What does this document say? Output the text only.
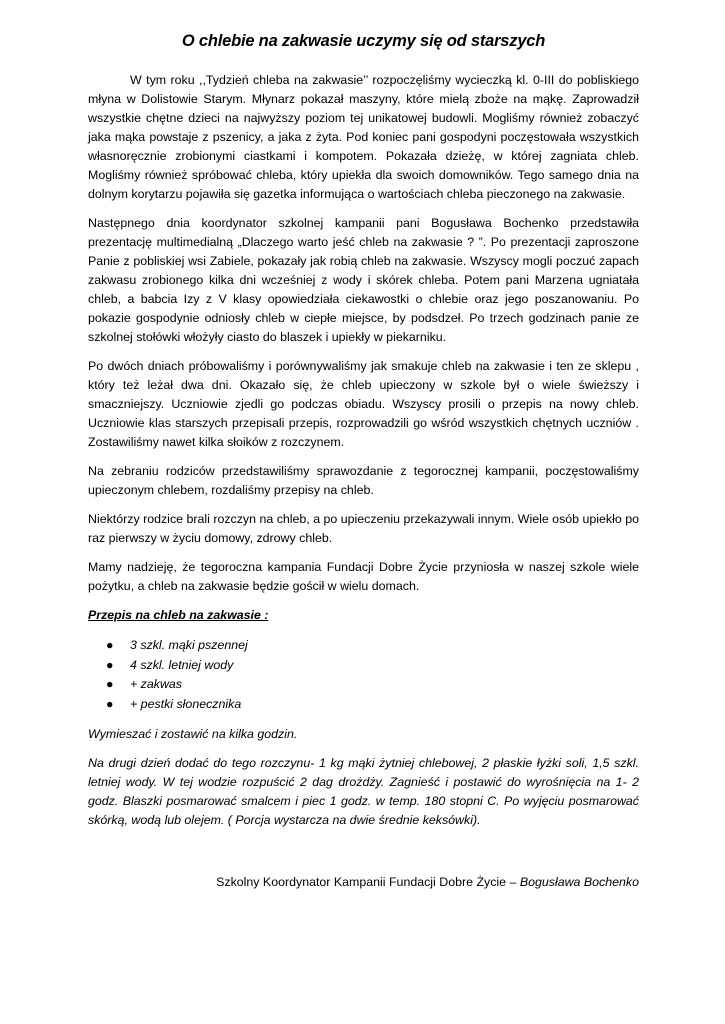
O chlebie na zakwasie uczymy się od starszych

W tym roku ,,Tydzień chleba na zakwasie’’ rozpoczęliśmy wycieczką kl. 0-III do pobliskiego młyna w Dolistowie Starym. Młynarz pokazał maszyny, które mielą zboże na mąkę. Zaprowadził wszystkie chętne dzieci na najwyższy poziom tej unikatowej budowli. Mogliśmy również zobaczyć jaka mąka powstaje z pszenicy, a jaka z żyta. Pod koniec pani gospodyni poczęstowała wszystkich własnoręcznie zrobionymi ciastkami i kompotem. Pokazała dzieżę, w której zagniata chleb. Mogliśmy również spróbować chleba, który upiekła dla swoich domowników. Tego samego dnia na dolnym korytarzu pojawiła się gazetka informująca o wartościach chleba pieczonego na zakwasie.

Następnego dnia koordynator szkolnej kampanii pani Bogusława Bochenko przedstawiła prezentację multimedialną „Dlaczego warto jeść chleb na zakwasie ? ”. Po prezentacji zaproszone Panie z pobliskiej wsi Zabiele, pokazały jak robią chleb na zakwasie. Wszyscy mogli poczuć zapach zakwasu zrobionego kilka dni wcześniej z wody i skórek chleba. Potem pani Marzena ugniatała chleb, a babcia Izy z V klasy opowiedziała ciekawostki o chlebie oraz jego poszanowaniu. Po pokazie gospodynie odniosły chleb w ciepłe miejsce, by podsdzeł. Po trzech godzinach panie ze szkolnej stołówki włożyły ciasto do blaszek i upiekły w piekarniku.

Po dwóch dniach próbowaliśmy i porównywaliśmy jak smakuje chleb na zakwasie i ten ze sklepu , który też leżał dwa dni. Okazało się, że chleb upieczony w szkole był o wiele świeższy i smaczniejszy. Uczniowie zjedli go podczas obiadu. Wszyscy prosili o przepis na nowy chleb. Uczniowie klas starszych przepisali przepis, rozprowadzili go wśród wszystkich chętnych uczniów . Zostawiliśmy nawet kilka słoików z rozczynem.

Na zebraniu rodziców przedstawiliśmy sprawozdanie z tegorocznej kampanii, poczęstowaliśmy upieczonym chlebem, rozdaliśmy przepisy na chleb.

Niektórzy rodzice brali rozczyn na chleb, a po upieczeniu przekazywali innym. Wiele osób upiekło po raz pierwszy w życiu domowy, zdrowy chleb.

Mamy nadzieję, że tegoroczna kampania Fundacji Dobre Życie przyniosła w naszej szkole wiele pożytku, a chleb na zakwasie będzie gościł w wielu domach.

Przepis na chleb na zakwasie :

● 3 szkl. mąki pszennej
● 4 szkl. letniej wody
● + zakwas
● + pestki słonecznika

Wymieszać i zostawić na kilka godzin.

Na drugi dzień dodać do tego rozczynu- 1 kg mąki żytniej chlebowej, 2 płaskie łyżki soli, 1,5 szkl. letniej wody. W tej wodzie rozpuścić 2 dag drożdży. Zagnieść i postawić do wyrośnięcia na 1- 2 godz. Blaszki posmarować smalcem i piec 1 godz. w temp. 180 stopni C. Po wyjęciu posmarować skórką, wodą lub olejem. ( Porcja wystarcza na dwie średnie keksówki).

Szkolny Koordynator Kampanii Fundacji Dobre Życie – Bogusława Bochenko
